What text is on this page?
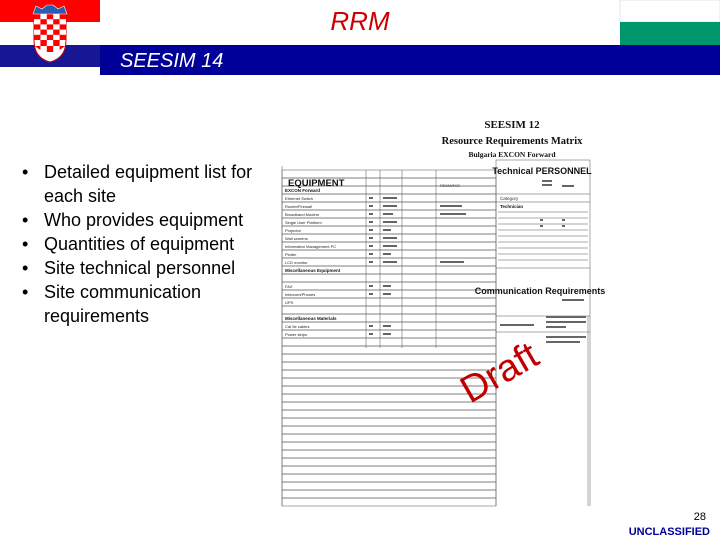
RRM
SEESIM 14
• Detailed equipment list for each site
• Who provides equipment
• Quantities of equipment
• Site technical personnel
• Site communication requirements
SEESIM 12
Resource Requirements Matrix
Bulgaria EXCON Forward
EQUIPMENT	REMARKS
Technical PERSONNEL
Category
Technician
Communication Requirements
EXCON Forward
Ethernet Switch
Router/Firewall
Broadband Modem
Single User Platform
Projector
Wall screens
Information Management PC
Plotter
LCD monitor
Miscellaneous Equipment
FAX
Intercom/Phones
UPS
Miscellaneous Materials
Cat 5e cables
Power strips	Draft
28
UNCLASSIFIED
